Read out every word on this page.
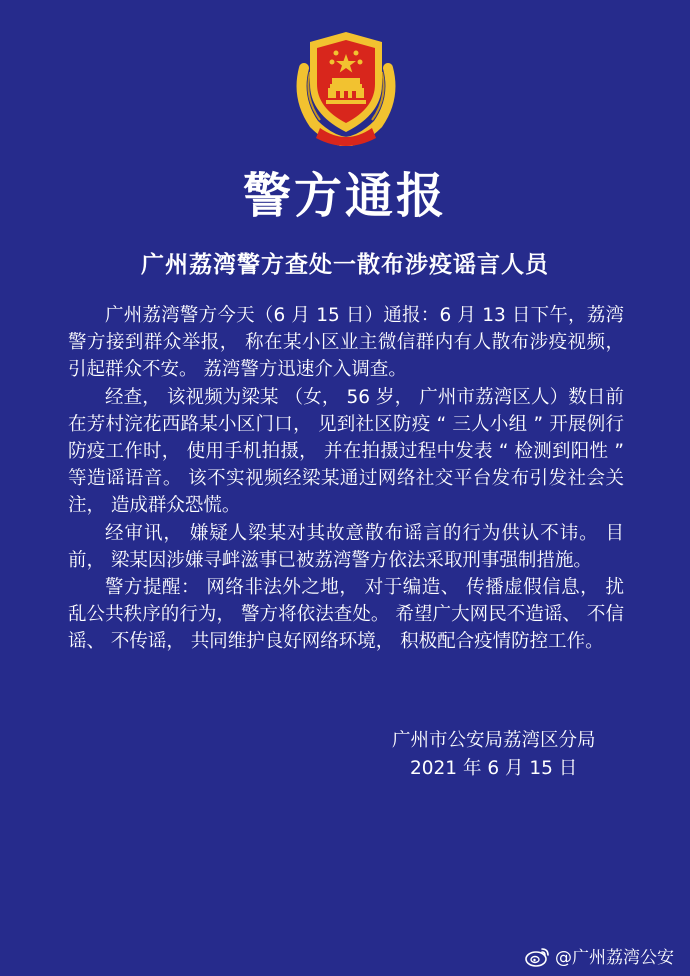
警方通报
广州荔湾警方查处一散布涉疫谣言人员

广州荔湾警方今天（6 月 15 日）通报：6 月 13 日下午，荔湾警方接到群众举报， 称在某小区业主微信群内有人散布涉疫视频， 引起群众不安。 荔湾警方迅速介入调查。

经查， 该视频为梁某 （女， 56 岁， 广州市荔湾区人）数日前在芳村浣花西路某小区门口， 见到社区防疫 “ 三人小组 ” 开展例行防疫工作时， 使用手机拍摄， 并在拍摄过程中发表 “ 检测到阳性 ” 等造谣语音。 该不实视频经梁某通过网络社交平台发布引发社会关注， 造成群众恐慌。

经审讯， 嫌疑人梁某对其故意散布谣言的行为供认不讳。 目前， 梁某因涉嫌寻衅滋事已被荔湾警方依法采取刑事强制措施。

警方提醒： 网络非法外之地， 对于编造、 传播虚假信息， 扰乱公共秩序的行为， 警方将依法查处。 希望广大网民不造谣、 不信谣、 不传谣， 共同维护良好网络环境， 积极配合疫情防控工作。

广州市公安局荔湾区分局
2021 年 6 月 15 日
@广州荔湾公安
